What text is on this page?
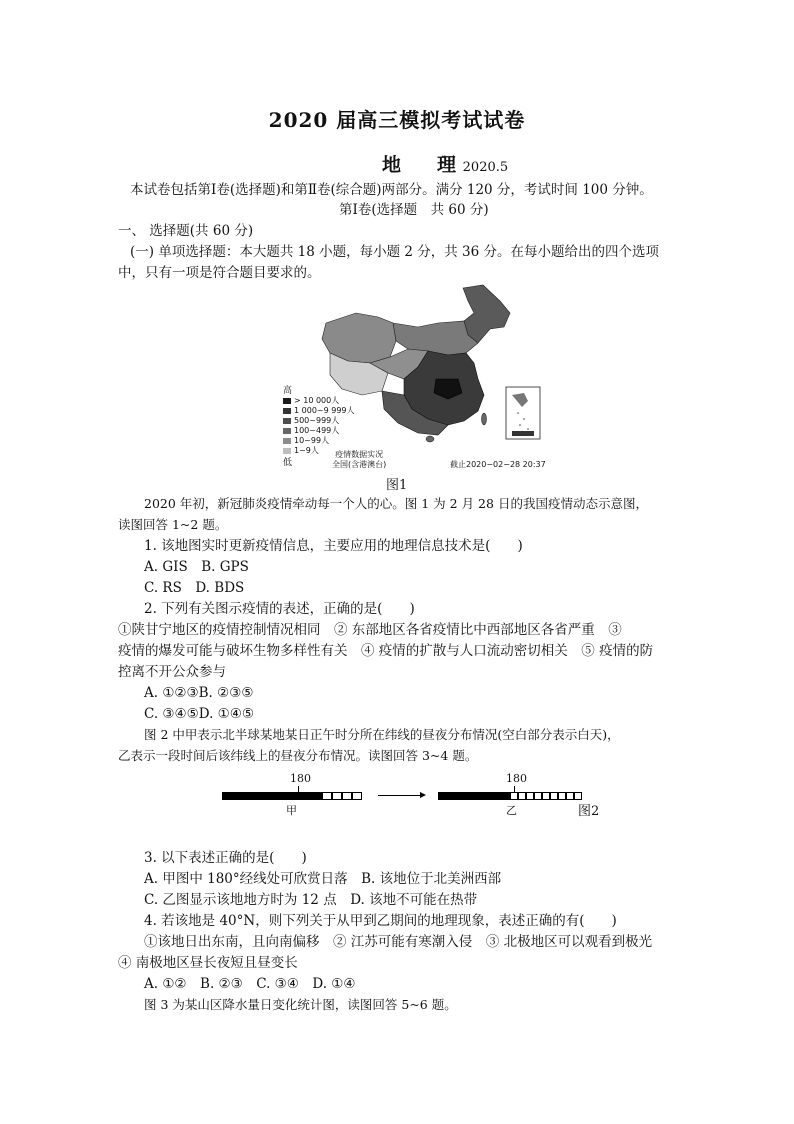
2020 届高三模拟考试试卷
地 理 2020.5
本试卷包括第Ⅰ卷(选择题)和第Ⅱ卷(综合题)两部分。满分 120 分，考试时间 100 分钟。
第Ⅰ卷(选择题　共 60 分)
一、 选择题(共 60 分)
(一) 单项选择题：本大题共 18 小题，每小题 2 分，共 36 分。在每小题给出的四个选项
中，只有一项是符合题目要求的。
高
> 10 000人
1 000~9 999人
500~999人
100~499人
10~99人
1~9人
低
疫情数据实况
全国(含港澳台)	截止2020−02−28 20:37
图1
2020 年初，新冠肺炎疫情牵动每一个人的心。图 1 为 2 月 28 日的我国疫情动态示意图，
读图回答 1~2 题。
1. 该地图实时更新疫情信息，主要应用的地理信息技术是(　　)
A. GIS　B. GPS
C. RS　D. BDS
2. 下列有关图示疫情的表述，正确的是(　　)
①陕甘宁地区的疫情控制情况相同　② 东部地区各省疫情比中西部地区各省严重　③
疫情的爆发可能与破坏生物多样性有关　④ 疫情的扩散与人口流动密切相关　⑤ 疫情的防
控离不开公众参与
A. ①②③B. ②③⑤
C. ③④⑤D. ①④⑤
图 2 中甲表示北半球某地某日正午时分所在纬线的昼夜分布情况(空白部分表示白天)，
乙表示一段时间后该纬线上的昼夜分布情况。读图回答 3~4 题。
180
甲
180
乙	图2
3. 以下表述正确的是(　　)
A. 甲图中 180°经线处可欣赏日落　B. 该地位于北美洲西部
C. 乙图显示该地地方时为 12 点　D. 该地不可能在热带
4. 若该地是 40°N，则下列关于从甲到乙期间的地理现象，表述正确的有(　　)
①该地日出东南，且向南偏移　② 江苏可能有寒潮入侵　③ 北极地区可以观看到极光
④ 南极地区昼长夜短且昼变长
A. ①②　B. ②③　C. ③④　D. ①④
图 3 为某山区降水量日变化统计图，读图回答 5~6 题。
